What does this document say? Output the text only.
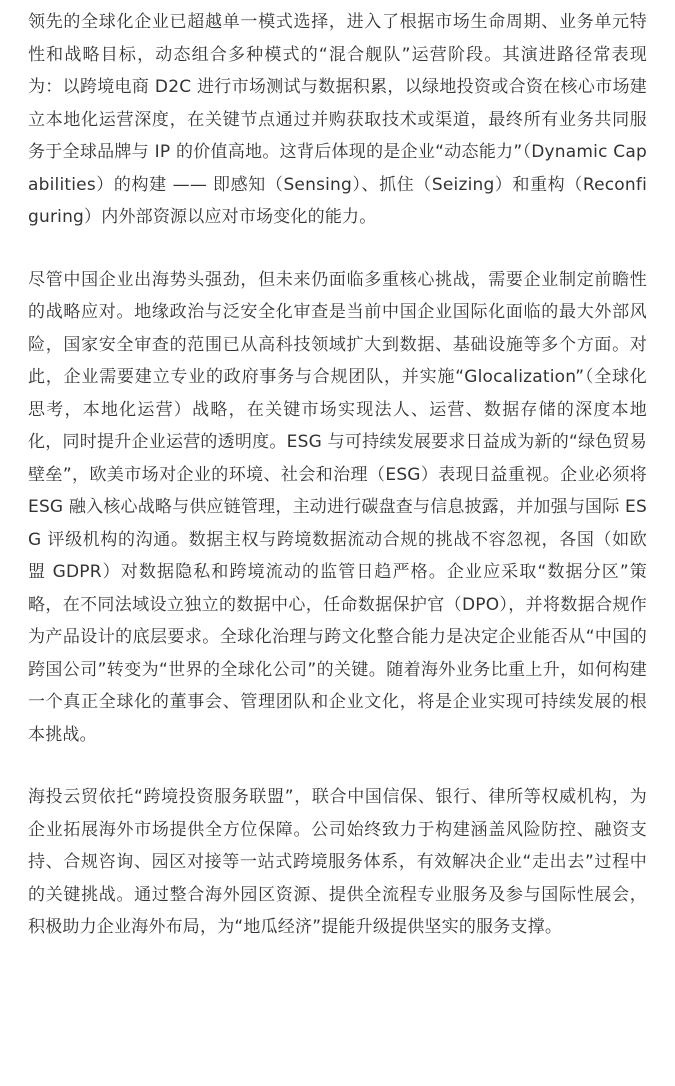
领先的全球化企业已超越单一模式选择，进入了根据市场生命周期、业务单元特性和战略目标，动态组合多种模式的“混合舰队”运营阶段。其演进路径常表现为：以跨境电商 D2C 进行市场测试与数据积累，以绿地投资或合资在核心市场建立本地化运营深度，在关键节点通过并购获取技术或渠道，最终所有业务共同服务于全球品牌与 IP 的价值高地。这背后体现的是企业“动态能力”（Dynamic Capabilities）的构建 —— 即感知（Sensing）、抓住（Seizing）和重构（Reconfiguring）内外部资源以应对市场变化的能力。

尽管中国企业出海势头强劲，但未来仍面临多重核心挑战，需要企业制定前瞻性的战略应对。地缘政治与泛安全化审查是当前中国企业国际化面临的最大外部风险，国家安全审查的范围已从高科技领域扩大到数据、基础设施等多个方面。对此，企业需要建立专业的政府事务与合规团队，并实施“Glocalization”（全球化思考，本地化运营）战略，在关键市场实现法人、运营、数据存储的深度本地化，同时提升企业运营的透明度。ESG 与可持续发展要求日益成为新的“绿色贸易壁垒”，欧美市场对企业的环境、社会和治理（ESG）表现日益重视。企业必须将 ESG 融入核心战略与供应链管理，主动进行碳盘查与信息披露，并加强与国际 ESG 评级机构的沟通。数据主权与跨境数据流动合规的挑战不容忽视，各国（如欧盟 GDPR）对数据隐私和跨境流动的监管日趋严格。企业应采取“数据分区”策略，在不同法域设立独立的数据中心，任命数据保护官（DPO），并将数据合规作为产品设计的底层要求。全球化治理与跨文化整合能力是决定企业能否从“中国的跨国公司”转变为“世界的全球化公司”的关键。随着海外业务比重上升，如何构建一个真正全球化的董事会、管理团队和企业文化，将是企业实现可持续发展的根本挑战。

海投云贸依托“跨境投资服务联盟”，联合中国信保、银行、律所等权威机构，为企业拓展海外市场提供全方位保障。公司始终致力于构建涵盖风险防控、融资支持、合规咨询、园区对接等一站式跨境服务体系，有效解决企业“走出去”过程中的关键挑战。通过整合海外园区资源、提供全流程专业服务及参与国际性展会，积极助力企业海外布局，为“地瓜经济”提能升级提供坚实的服务支撑。
